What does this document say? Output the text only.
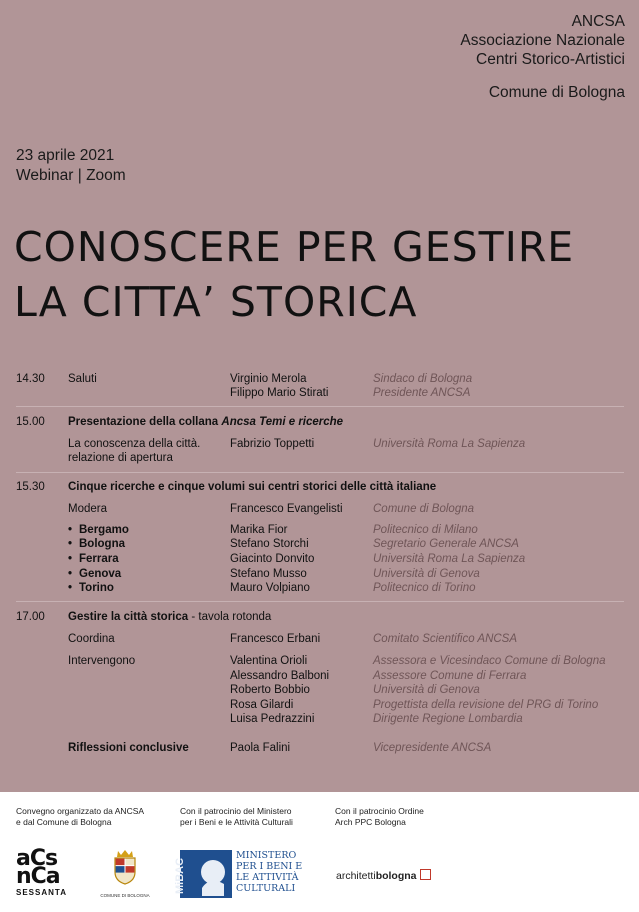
ANCSA
Associazione Nazionale
Centri Storico-Artistici
Comune di Bologna
23 aprile 2021
Webinar | Zoom
CONOSCERE PER GESTIRE
LA CITTA’ STORICA
14.30 Saluti	Virginio Merola	Sindaco di Bologna
Filippo Mario Stirati	Presidente ANCSA
15.00 Presentazione della collana Ancsa Temi e ricerche
La conoscenza della città.
relazione di apertura
Fabrizio Toppetti	Università Roma La Sapienza
15.30 Cinque ricerche e cinque volumi sui centri storici delle città italiane
Modera	Francesco Evangelisti	Comune di Bologna
• Bergamo	Marika Fior	Politecnico di Milano
• Bologna	Stefano Storchi	Segretario Generale ANCSA
• Ferrara	Giacinto Donvito	Università Roma La Sapienza
• Genova	Stefano Musso	Università di Genova
• Torino	Mauro Volpiano	Politecnico di Torino
17.00 Gestire la città storica - tavola rotonda
Coordina	Francesco Erbani	Comitato Scientifico ANCSA
Intervengono	Valentina Orioli	Assessora e Vicesindaco Comune di Bologna
Alessandro Balboni	Assessore Comune di Ferrara
Roberto Bobbio	Università di Genova
Rosa Gilardi	Progettista della revisione del PRG di Torino
Luisa Pedrazzini	Dirigente Regione Lombardia
Riflessioni conclusive	Paola Falini	Vicepresidente ANCSA
Convegno organizzato da ANCSA
e dal Comune di Bologna
Con il patrocinio del Ministero
per i Beni e le Attività Culturali
Con il patrocinio Ordine
Arch PPC Bologna
aCs
nCa
SESSANTA	COMUNE DI BOLOGNA
MiBAC
MINISTERO
PER I BENI E
LE ATTIVITÀ
CULTURALI
architettibologna
